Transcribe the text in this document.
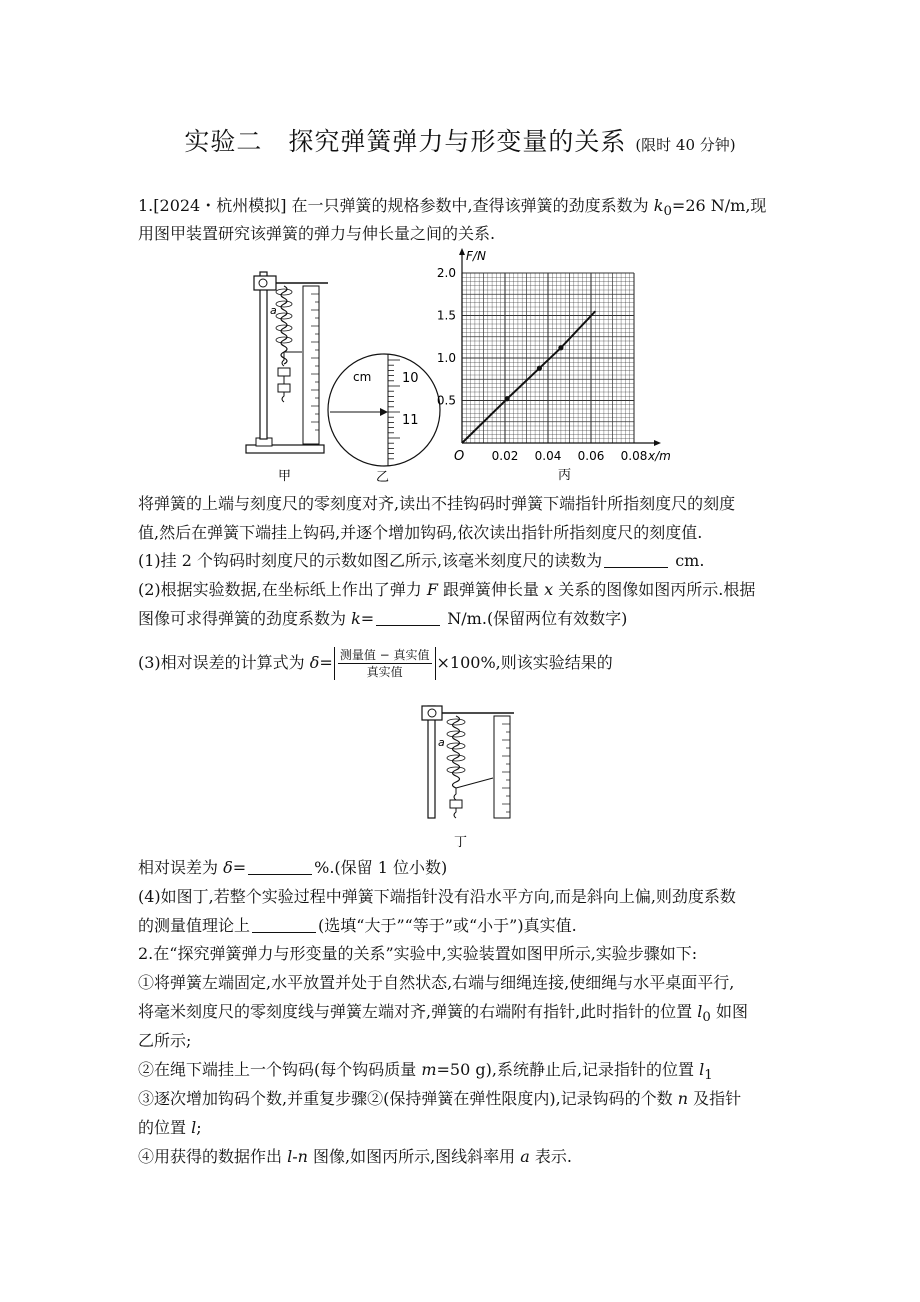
实验二　探究弹簧弹力与形变量的关系 (限时 40 分钟)
1.[2024・杭州模拟] 在一只弹簧的规格参数中,查得该弹簧的劲度系数为 $k_0=26$ N/m,现
用图甲装置研究该弹簧的弹力与伸长量之间的关系.
a
甲
cm 10
11
乙
0.02 0.04 0.06 0.08
0.5
1.0
1.5
2.0
F/N
x/m
O
丙
将弹簧的上端与刻度尺的零刻度对齐,读出不挂钩码时弹簧下端指针所指刻度尺的刻度
值,然后在弹簧下端挂上钩码,并逐个增加钩码,依次读出指针所指刻度尺的刻度值.
(1)挂 2 个钩码时刻度尺的示数如图乙所示,该毫米刻度尺的读数为	cm.
(2)根据实验数据,在坐标纸上作出了弹力 F 跟弹簧伸长量 x 关系的图像如图丙所示.根据
图像可求得弹簧的劲度系数为 k=	N/m.(保留两位有效数字)
(3)相对误差的计算式为 $\delta= \frac{\text{测量值 − 真实值}}{\text{真实值}} \times 100\%$,则该实验结果的
a
丁
相对误差为 δ=	%.(保留 1 位小数)
(4)如图丁,若整个实验过程中弹簧下端指针没有沿水平方向,而是斜向上偏,则劲度系数
的测量值理论上	(选填“大于”“等于”或“小于”)真实值.
2.在“探究弹簧弹力与形变量的关系”实验中,实验装置如图甲所示,实验步骤如下:
①将弹簧左端固定,水平放置并处于自然状态,右端与细绳连接,使细绳与水平桌面平行,
将毫米刻度尺的零刻度线与弹簧左端对齐,弹簧的右端附有指针,此时指针的位置 $l_0$ 如图
乙所示;
②在绳下端挂上一个钩码(每个钩码质量 m=50 g),系统静止后,记录指针的位置 $l_1$
③逐次增加钩码个数,并重复步骤②(保持弹簧在弹性限度内),记录钩码的个数 n 及指针
的位置 l;
④用获得的数据作出 l-n 图像,如图丙所示,图线斜率用 a 表示.
